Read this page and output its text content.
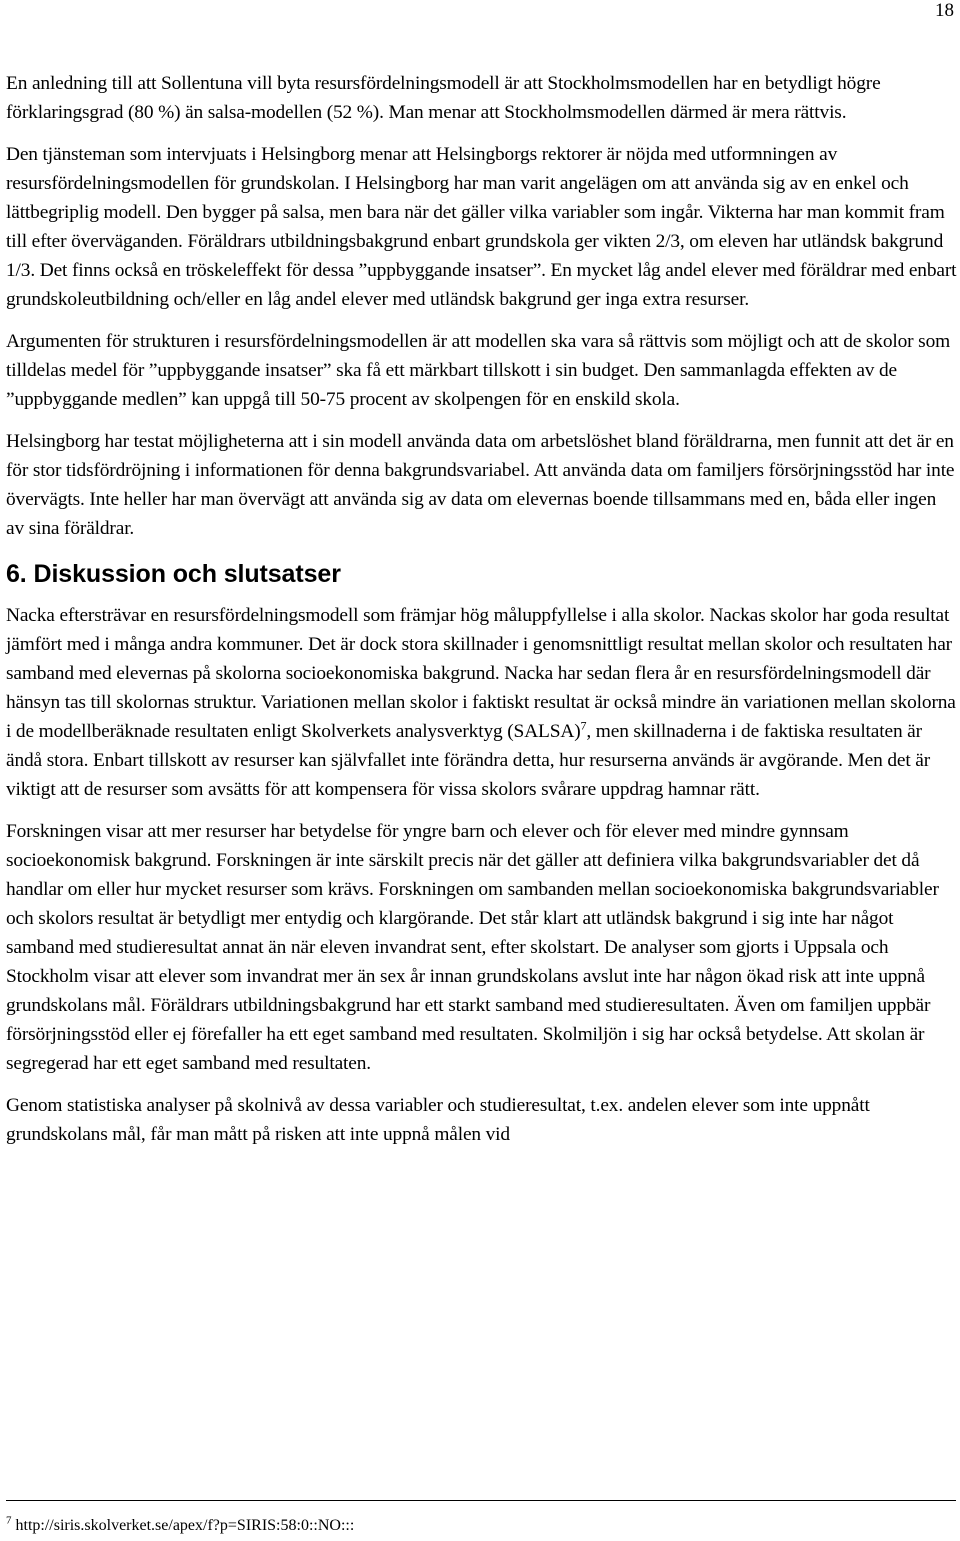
18

En anledning till att Sollentuna vill byta resursfördelningsmodell är att Stockholmsmodellen har en betydligt högre förklaringsgrad (80 %) än salsa-modellen (52 %). Man menar att Stockholmsmodellen därmed är mera rättvis.

Den tjänsteman som intervjuats i Helsingborg menar att Helsingborgs rektorer är nöjda med utformningen av resursfördelningsmodellen för grundskolan. I Helsingborg har man varit angelägen om att använda sig av en enkel och lättbegriplig modell. Den bygger på salsa, men bara när det gäller vilka variabler som ingår. Vikterna har man kommit fram till efter överväganden. Föräldrars utbildningsbakgrund enbart grundskola ger vikten 2/3, om eleven har utländsk bakgrund 1/3. Det finns också en tröskeleffekt för dessa ”uppbyggande insatser”. En mycket låg andel elever med föräldrar med enbart grundskoleutbildning och/eller en låg andel elever med utländsk bakgrund ger inga extra resurser.

Argumenten för strukturen i resursfördelningsmodellen är att modellen ska vara så rättvis som möjligt och att de skolor som tilldelas medel för ”uppbyggande insatser” ska få ett märkbart tillskott i sin budget. Den sammanlagda effekten av de ”uppbyggande medlen” kan uppgå till 50-75 procent av skolpengen för en enskild skola.

Helsingborg har testat möjligheterna att i sin modell använda data om arbetslöshet bland föräldrarna, men funnit att det är en för stor tidsfördröjning i informationen för denna bakgrundsvariabel. Att använda data om familjers försörjningsstöd har inte övervägts. Inte heller har man övervägt att använda sig av data om elevernas boende tillsammans med en, båda eller ingen av sina föräldrar.

6. Diskussion och slutsatser

Nacka eftersträvar en resursfördelningsmodell som främjar hög måluppfyllelse i alla skolor. Nackas skolor har goda resultat jämfört med i många andra kommuner. Det är dock stora skillnader i genomsnittligt resultat mellan skolor och resultaten har samband med elevernas på skolorna socioekonomiska bakgrund. Nacka har sedan flera år en resursfördelningsmodell där hänsyn tas till skolornas struktur. Variationen mellan skolor i faktiskt resultat är också mindre än variationen mellan skolorna i de modellberäknade resultaten enligt Skolverkets analysverktyg (SALSA)$^7$, men skillnaderna i de faktiska resultaten är ändå stora. Enbart tillskott av resurser kan självfallet inte förändra detta, hur resurserna används är avgörande. Men det är viktigt att de resurser som avsätts för att kompensera för vissa skolors svårare uppdrag hamnar rätt.

Forskningen visar att mer resurser har betydelse för yngre barn och elever och för elever med mindre gynnsam socioekonomisk bakgrund. Forskningen är inte särskilt precis när det gäller att definiera vilka bakgrundsvariabler det då handlar om eller hur mycket resurser som krävs. Forskningen om sambanden mellan socioekonomiska bakgrundsvariabler och skolors resultat är betydligt mer entydig och klargörande. Det står klart att utländsk bakgrund i sig inte har något samband med studieresultat annat än när eleven invandrat sent, efter skolstart. De analyser som gjorts i Uppsala och Stockholm visar att elever som invandrat mer än sex år innan grundskolans avslut inte har någon ökad risk att inte uppnå grundskolans mål. Föräldrars utbildningsbakgrund har ett starkt samband med studieresultaten. Även om familjen uppbär försörjningsstöd eller ej förefaller ha ett eget samband med resultaten. Skolmiljön i sig har också betydelse. Att skolan är segregerad har ett eget samband med resultaten.

Genom statistiska analyser på skolnivå av dessa variabler och studieresultat, t.ex. andelen elever som inte uppnått grundskolans mål, får man mått på risken att inte uppnå målen vid

$^7$ http://siris.skolverket.se/apex/f?p=SIRIS:58:0::NO:::
